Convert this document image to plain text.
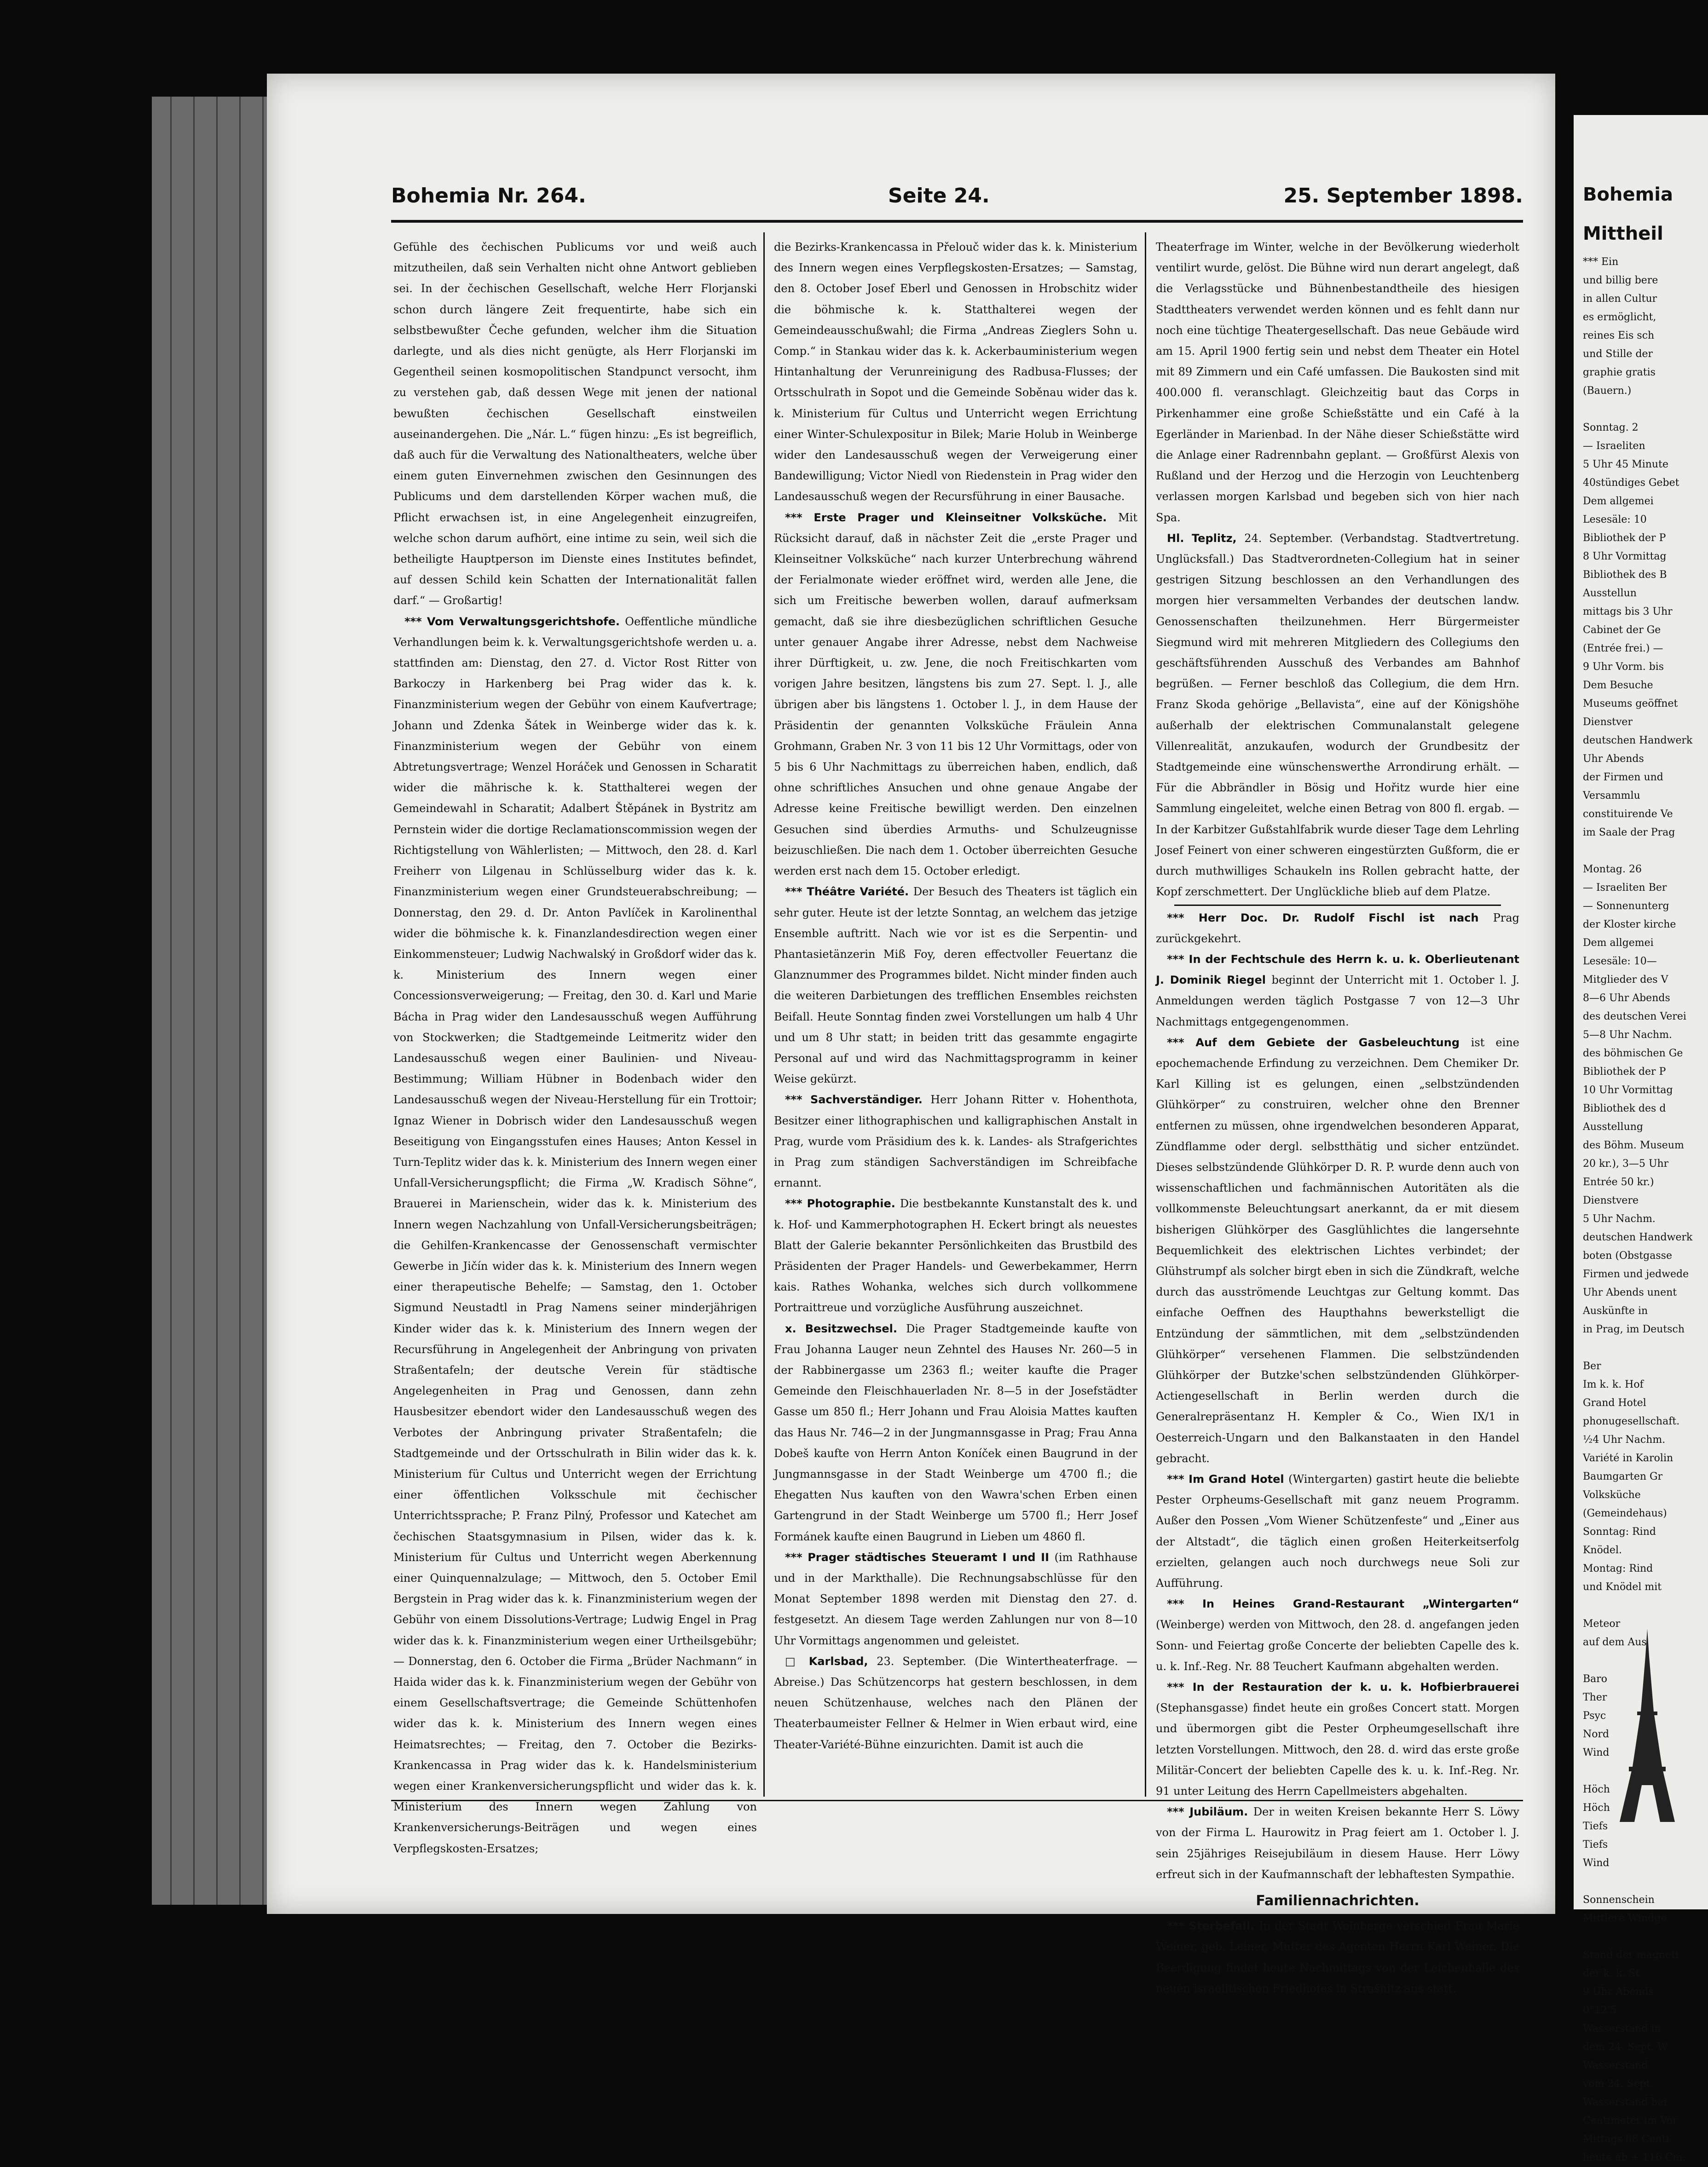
Bohemia Nr. 264.	Seite 24.	25. September 1898.

Gefühle des čechischen Publicums vor und weiß auch mitzutheilen, daß sein Verhalten nicht ohne Antwort geblieben sei. In der čechischen Gesellschaft, welche Herr Florjanski schon durch längere Zeit frequentirte, habe sich ein selbstbewußter Čeche gefunden, welcher ihm die Situation darlegte, und als dies nicht genügte, als Herr Florjanski im Gegentheil seinen kosmopolitischen Standpunct versocht, ihm zu verstehen gab, daß dessen Wege mit jenen der national bewußten čechischen Gesellschaft einstweilen auseinandergehen. Die „Nár. L.“ fügen hinzu: „Es ist begreiflich, daß auch für die Verwaltung des Nationaltheaters, welche über einem guten Einvernehmen zwischen den Gesinnungen des Publicums und dem darstellenden Körper wachen muß, die Pflicht erwachsen ist, in eine Angelegenheit einzugreifen, welche schon darum aufhört, eine intime zu sein, weil sich die betheiligte Hauptperson im Dienste eines Institutes befindet, auf dessen Schild kein Schatten der Internationalität fallen darf.“ — Großartig!

*** Vom Verwaltungsgerichtshofe. Oeffentliche mündliche Verhandlungen beim k. k. Verwaltungsgerichtshofe werden u. a. stattfinden am: Dienstag, den 27. d. Victor Rost Ritter von Barkoczy in Harkenberg bei Prag wider das k. k. Finanzministerium wegen der Gebühr von einem Kaufvertrage; Johann und Zdenka Šátek in Weinberge wider das k. k. Finanzministerium wegen der Gebühr von einem Abtretungsvertrage; Wenzel Horáček und Genossen in Scharatit wider die mährische k. k. Statthalterei wegen der Gemeindewahl in Scharatit; Adalbert Štěpánek in Bystritz am Pernstein wider die dortige Reclamationscommission wegen der Richtigstellung von Wählerlisten; — Mittwoch, den 28. d. Karl Freiherr von Lilgenau in Schlüsselburg wider das k. k. Finanzministerium wegen einer Grundsteuerabschreibung; — Donnerstag, den 29. d. Dr. Anton Pavlíček in Karolinenthal wider die böhmische k. k. Finanzlandesdirection wegen einer Einkommensteuer; Ludwig Nachwalský in Großdorf wider das k. k. Ministerium des Innern wegen einer Concessionsverweigerung; — Freitag, den 30. d. Karl und Marie Bácha in Prag wider den Landesausschuß wegen Aufführung von Stockwerken; die Stadtgemeinde Leitmeritz wider den Landesausschuß wegen einer Baulinien- und Niveau-Bestimmung; William Hübner in Bodenbach wider den Landesausschuß wegen der Niveau-Herstellung für ein Trottoir; Ignaz Wiener in Dobrisch wider den Landesausschuß wegen Beseitigung von Eingangsstufen eines Hauses; Anton Kessel in Turn-Teplitz wider das k. k. Ministerium des Innern wegen einer Unfall-Versicherungspflicht; die Firma „W. Kradisch Söhne“, Brauerei in Marienschein, wider das k. k. Ministerium des Innern wegen Nachzahlung von Unfall-Versicherungsbeiträgen; die Gehilfen-Krankencasse der Genossenschaft vermischter Gewerbe in Jičín wider das k. k. Ministerium des Innern wegen einer therapeutische Behelfe; — Samstag, den 1. October Sigmund Neustadtl in Prag Namens seiner minderjährigen Kinder wider das k. k. Ministerium des Innern wegen der Recursführung in Angelegenheit der Anbringung von privaten Straßentafeln; der deutsche Verein für städtische Angelegenheiten in Prag und Genossen, dann zehn Hausbesitzer ebendort wider den Landesausschuß wegen des Verbotes der Anbringung privater Straßentafeln; die Stadtgemeinde und der Ortsschulrath in Bilin wider das k. k. Ministerium für Cultus und Unterricht wegen der Errichtung einer öffentlichen Volksschule mit čechischer Unterrichtssprache; P. Franz Pilný, Professor und Katechet am čechischen Staatsgymnasium in Pilsen, wider das k. k. Ministerium für Cultus und Unterricht wegen Aberkennung einer Quinquennalzulage; — Mittwoch, den 5. October Emil Bergstein in Prag wider das k. k. Finanzministerium wegen der Gebühr von einem Dissolutions-Vertrage; Ludwig Engel in Prag wider das k. k. Finanzministerium wegen einer Urtheilsgebühr; — Donnerstag, den 6. October die Firma „Brüder Nachmann“ in Haida wider das k. k. Finanzministerium wegen der Gebühr von einem Gesellschaftsvertrage; die Gemeinde Schüttenhofen wider das k. k. Ministerium des Innern wegen eines Heimatsrechtes; — Freitag, den 7. October die Bezirks-Krankencassa in Prag wider das k. k. Handelsministerium wegen einer Krankenversicherungspflicht und wider das k. k. Ministerium des Innern wegen Zahlung von Krankenversicherungs-Beiträgen und wegen eines Verpflegskosten-Ersatzes;

die Bezirks-Krankencassa in Přelouč wider das k. k. Ministerium des Innern wegen eines Verpflegskosten-Ersatzes; — Samstag, den 8. October Josef Eberl und Genossen in Hrobschitz wider die böhmische k. k. Statthalterei wegen der Gemeindeausschußwahl; die Firma „Andreas Zieglers Sohn u. Comp.“ in Stankau wider das k. k. Ackerbauministerium wegen Hintanhaltung der Verunreinigung des Radbusa-Flusses; der Ortsschulrath in Sopot und die Gemeinde Soběnau wider das k. k. Ministerium für Cultus und Unterricht wegen Errichtung einer Winter-Schulexpositur in Bilek; Marie Holub in Weinberge wider den Landesausschuß wegen der Verweigerung einer Bandewilligung; Victor Niedl von Riedenstein in Prag wider den Landesausschuß wegen der Recursführung in einer Bausache.

*** Erste Prager und Kleinseitner Volksküche. Mit Rücksicht darauf, daß in nächster Zeit die „erste Prager und Kleinseitner Volksküche“ nach kurzer Unterbrechung während der Ferialmonate wieder eröffnet wird, werden alle Jene, die sich um Freitische bewerben wollen, darauf aufmerksam gemacht, daß sie ihre diesbezüglichen schriftlichen Gesuche unter genauer Angabe ihrer Adresse, nebst dem Nachweise ihrer Dürftigkeit, u. zw. Jene, die noch Freitischkarten vom vorigen Jahre besitzen, längstens bis zum 27. Sept. l. J., alle übrigen aber bis längstens 1. October l. J., in dem Hause der Präsidentin der genannten Volksküche Fräulein Anna Grohmann, Graben Nr. 3 von 11 bis 12 Uhr Vormittags, oder von 5 bis 6 Uhr Nachmittags zu überreichen haben, endlich, daß ohne schriftliches Ansuchen und ohne genaue Angabe der Adresse keine Freitische bewilligt werden. Den einzelnen Gesuchen sind überdies Armuths- und Schulzeugnisse beizuschließen. Die nach dem 1. October überreichten Gesuche werden erst nach dem 15. October erledigt.

*** Théâtre Variété. Der Besuch des Theaters ist täglich ein sehr guter. Heute ist der letzte Sonntag, an welchem das jetzige Ensemble auftritt. Nach wie vor ist es die Serpentin- und Phantasietänzerin Miß Foy, deren effectvoller Feuertanz die Glanznummer des Programmes bildet. Nicht minder finden auch die weiteren Darbietungen des trefflichen Ensembles reichsten Beifall. Heute Sonntag finden zwei Vorstellungen um halb 4 Uhr und um 8 Uhr statt; in beiden tritt das gesammte engagirte Personal auf und wird das Nachmittagsprogramm in keiner Weise gekürzt.

*** Sachverständiger. Herr Johann Ritter v. Hohenthota, Besitzer einer lithographischen und kalligraphischen Anstalt in Prag, wurde vom Präsidium des k. k. Landes- als Strafgerichtes in Prag zum ständigen Sachverständigen im Schreibfache ernannt.

*** Photographie. Die bestbekannte Kunstanstalt des k. und k. Hof- und Kammerphotographen H. Eckert bringt als neuestes Blatt der Galerie bekannter Persönlichkeiten das Brustbild des Präsidenten der Prager Handels- und Gewerbekammer, Herrn kais. Rathes Wohanka, welches sich durch vollkommene Portraittreue und vorzügliche Ausführung auszeichnet.

x. Besitzwechsel. Die Prager Stadtgemeinde kaufte von Frau Johanna Lauger neun Zehntel des Hauses Nr. 260—5 in der Rabbinergasse um 2363 fl.; weiter kaufte die Prager Gemeinde den Fleischhauerladen Nr. 8—5 in der Josefstädter Gasse um 850 fl.; Herr Johann und Frau Aloisia Mattes kauften das Haus Nr. 746—2 in der Jungmannsgasse in Prag; Frau Anna Dobeš kaufte von Herrn Anton Koníček einen Baugrund in der Jungmannsgasse in der Stadt Weinberge um 4700 fl.; die Ehegatten Nus kauften von den Wawra'schen Erben einen Gartengrund in der Stadt Weinberge um 5700 fl.; Herr Josef Formánek kaufte einen Baugrund in Lieben um 4860 fl.

*** Prager städtisches Steueramt I und II (im Rathhause und in der Markthalle). Die Rechnungsabschlüsse für den Monat September 1898 werden mit Dienstag den 27. d. festgesetzt. An diesem Tage werden Zahlungen nur von 8—10 Uhr Vormittags angenommen und geleistet.

□ Karlsbad, 23. September. (Die Wintertheaterfrage. — Abreise.) Das Schützencorps hat gestern beschlossen, in dem neuen Schützenhause, welches nach den Plänen der Theaterbaumeister Fellner & Helmer in Wien erbaut wird, eine Theater-Variété-Bühne einzurichten. Damit ist auch die

Theaterfrage im Winter, welche in der Bevölkerung wiederholt ventilirt wurde, gelöst. Die Bühne wird nun derart angelegt, daß die Verlagsstücke und Bühnenbestandtheile des hiesigen Stadttheaters verwendet werden können und es fehlt dann nur noch eine tüchtige Theatergesellschaft. Das neue Gebäude wird am 15. April 1900 fertig sein und nebst dem Theater ein Hotel mit 89 Zimmern und ein Café umfassen. Die Baukosten sind mit 400.000 fl. veranschlagt. Gleichzeitig baut das Corps in Pirkenhammer eine große Schießstätte und ein Café à la Egerländer in Marienbad. In der Nähe dieser Schießstätte wird die Anlage einer Radrennbahn geplant. — Großfürst Alexis von Rußland und der Herzog und die Herzogin von Leuchtenberg verlassen morgen Karlsbad und begeben sich von hier nach Spa.

Hl. Teplitz, 24. September. (Verbandstag. Stadtvertretung. Unglücksfall.) Das Stadtverordneten-Collegium hat in seiner gestrigen Sitzung beschlossen an den Verhandlungen des morgen hier versammelten Verbandes der deutschen landw. Genossenschaften theilzunehmen. Herr Bürgermeister Siegmund wird mit mehreren Mitgliedern des Collegiums den geschäftsführenden Ausschuß des Verbandes am Bahnhof begrüßen. — Ferner beschloß das Collegium, die dem Hrn. Franz Skoda gehörige „Bellavista“, eine auf der Königshöhe außerhalb der elektrischen Communalanstalt gelegene Villenrealität, anzukaufen, wodurch der Grundbesitz der Stadtgemeinde eine wünschenswerthe Arrondirung erhält. — Für die Abbrändler in Bösig und Hořitz wurde hier eine Sammlung eingeleitet, welche einen Betrag von 800 fl. ergab. — In der Karbitzer Gußstahlfabrik wurde dieser Tage dem Lehrling Josef Feinert von einer schweren eingestürzten Gußform, die er durch muthwilliges Schaukeln ins Rollen gebracht hatte, der Kopf zerschmettert. Der Unglückliche blieb auf dem Platze.

*** Herr Doc. Dr. Rudolf Fischl ist nach Prag zurückgekehrt.

*** In der Fechtschule des Herrn k. u. k. Oberlieutenant J. Dominik Riegel beginnt der Unterricht mit 1. October l. J. Anmeldungen werden täglich Postgasse 7 von 12—3 Uhr Nachmittags entgegengenommen.

*** Auf dem Gebiete der Gasbeleuchtung ist eine epochemachende Erfindung zu verzeichnen. Dem Chemiker Dr. Karl Killing ist es gelungen, einen „selbstzündenden Glühkörper“ zu construiren, welcher ohne den Brenner entfernen zu müssen, ohne irgendwelchen besonderen Apparat, Zündflamme oder dergl. selbstthätig und sicher entzündet. Dieses selbstzündende Glühkörper D. R. P. wurde denn auch von wissenschaftlichen und fachmännischen Autoritäten als die vollkommenste Beleuchtungsart anerkannt, da er mit diesem bisherigen Glühkörper des Gasglühlichtes die langersehnte Bequemlichkeit des elektrischen Lichtes verbindet; der Glühstrumpf als solcher birgt eben in sich die Zündkraft, welche durch das ausströmende Leuchtgas zur Geltung kommt. Das einfache Oeffnen des Haupthahns bewerkstelligt die Entzündung der sämmtlichen, mit dem „selbstzündenden Glühkörper“ versehenen Flammen. Die selbstzündenden Glühkörper der Butzke'schen selbstzündenden Glühkörper-Actiengesellschaft in Berlin werden durch die Generalrepräsentanz H. Kempler & Co., Wien IX/1 in Oesterreich-Ungarn und den Balkanstaaten in den Handel gebracht.

*** Im Grand Hotel (Wintergarten) gastirt heute die beliebte Pester Orpheums-Gesellschaft mit ganz neuem Programm. Außer den Possen „Vom Wiener Schützenfeste“ und „Einer aus der Altstadt“, die täglich einen großen Heiterkeitserfolg erzielten, gelangen auch noch durchwegs neue Soli zur Aufführung.

*** In Heines Grand-Restaurant „Wintergarten“ (Weinberge) werden von Mittwoch, den 28. d. angefangen jeden Sonn- und Feiertag große Concerte der beliebten Capelle des k. u. k. Inf.-Reg. Nr. 88 Teuchert Kaufmann abgehalten werden.

*** In der Restauration der k. u. k. Hofbierbrauerei (Stephansgasse) findet heute ein großes Concert statt. Morgen und übermorgen gibt die Pester Orpheumgesellschaft ihre letzten Vorstellungen. Mittwoch, den 28. d. wird das erste große Militär-Concert der beliebten Capelle des k. u. k. Inf.-Reg. Nr. 91 unter Leitung des Herrn Capellmeisters abgehalten.

*** Jubiläum. Der in weiten Kreisen bekannte Herr S. Löwy von der Firma L. Haurowitz in Prag feiert am 1. October l. J. sein 25jähriges Reisejubiläum in diesem Hause. Herr Löwy erfreut sich in der Kaufmannschaft der lebhaftesten Sympathie.

Familiennachrichten.

*** Sterbefall. In der Stadt Weinberge verschied Frau Marie Weiner, geb. Leiner, Mutter des Agenten Herrn Karl Weiner. Die Beerdigung findet heute Nachmittags von der Leichenhalle des neuen israelitischen Friedhofes in Strašnitz aus statt.

Bohemia
Mittheil
*** Ein
und billig bere
in allen Cultur
es ermöglicht,
reines Eis sch
und Stille der
graphie gratis
(Bauern.)

Sonntag. 2
— Israeliten
5 Uhr 45 Minute
40stündiges Gebet
Dem allgemei
Lesesäle: 10
Bibliothek der P
8 Uhr Vormittag
Bibliothek des B
Ausstellun
mittags bis 3 Uhr
Cabinet der Ge
(Entrée frei.) —
9 Uhr Vorm. bis
Dem Besuche
Museums geöffnet
Dienstver
deutschen Handwerk
Uhr Abends
der Firmen und
Versammlu
constituirende Ve
im Saale der Prag

Montag. 26
— Israeliten Ber
— Sonnenunterg
der Kloster kirche
Dem allgemei
Lesesäle: 10—
Mitglieder des V
8—6 Uhr Abends
des deutschen Verei
5—8 Uhr Nachm.
des böhmischen Ge
Bibliothek der P
10 Uhr Vormittag
Bibliothek des d
Ausstellung
des Böhm. Museum
20 kr.), 3—5 Uhr
Entrée 50 kr.)
Dienstvere
5 Uhr Nachm.
deutschen Handwerk
boten (Obstgasse
Firmen und jedwede
Uhr Abends unent
Auskünfte in
in Prag, im Deutsch

Ber
Im k. k. Hof
Grand Hotel
phonugesellschaft.
½4 Uhr Nachm.
Variété in Karolin
Baumgarten Gr
Volksküche
(Gemeindehaus)
Sonntag: Rind
Knödel.
Montag: Rind
und Knödel mit

Meteor
auf dem Aus

Baro
Ther
Psyc
Nord
Wind

Höch
Höch
Tiefs
Tiefs
Wind

Sonnenschein
Mittlere Windge

Stand der magneti
der k. k. St
9 Uhr Abends
0°12'5
Wasserstand in
dem 24. Sept. W
Wasserstand
vom 24. Sept.
Wasserstand bei
Centimeter im Vor
Mittags 88 Centi
heute ab + 116 Cm.
